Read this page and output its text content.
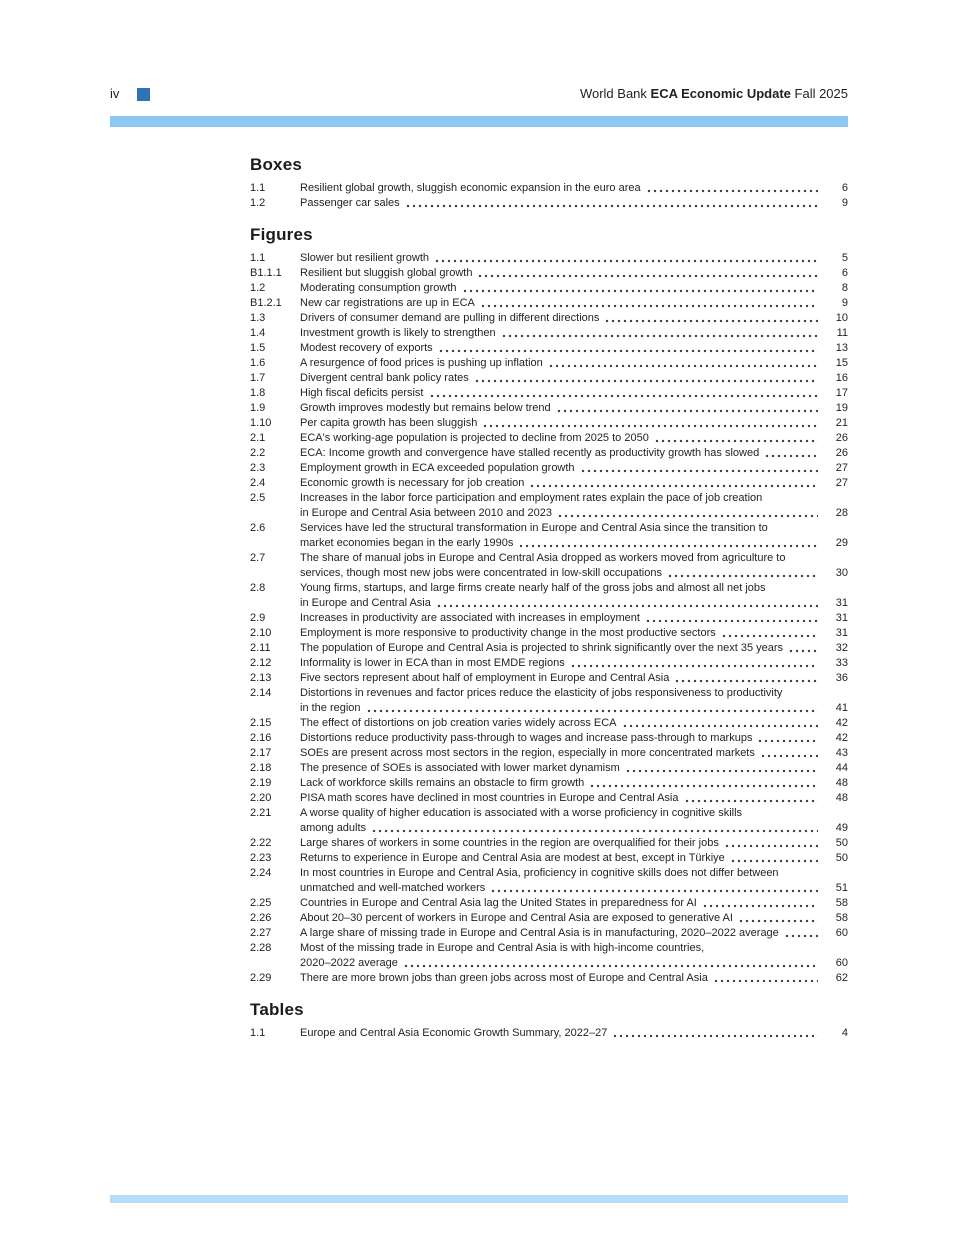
iv	World Bank ECA Economic Update Fall 2025
Boxes
1.1	Resilient global growth, sluggish economic expansion in the euro area	6
1.2	Passenger car sales	9
Figures
1.1	Slower but resilient growth	5
B1.1.1	Resilient but sluggish global growth	6
1.2	Moderating consumption growth	8
B1.2.1	New car registrations are up in ECA	9
1.3	Drivers of consumer demand are pulling in different directions	10
1.4	Investment growth is likely to strengthen	11
1.5	Modest recovery of exports	13
1.6	A resurgence of food prices is pushing up inflation	15
1.7	Divergent central bank policy rates	16
1.8	High fiscal deficits persist	17
1.9	Growth improves modestly but remains below trend	19
1.10	Per capita growth has been sluggish	21
2.1	ECA's working-age population is projected to decline from 2025 to 2050	26
2.2	ECA: Income growth and convergence have stalled recently as productivity growth has slowed	26
2.3	Employment growth in ECA exceeded population growth	27
2.4	Economic growth is necessary for job creation	27
2.5	Increases in the labor force participation and employment rates explain the pace of job creation
in Europe and Central Asia between 2010 and 2023	28
2.6	Services have led the structural transformation in Europe and Central Asia since the transition to
market economies began in the early 1990s	29
2.7	The share of manual jobs in Europe and Central Asia dropped as workers moved from agriculture to
services, though most new jobs were concentrated in low-skill occupations	30
2.8	Young firms, startups, and large firms create nearly half of the gross jobs and almost all net jobs
in Europe and Central Asia	31
2.9	Increases in productivity are associated with increases in employment	31
2.10	Employment is more responsive to productivity change in the most productive sectors	31
2.11	The population of Europe and Central Asia is projected to shrink significantly over the next 35 years	32
2.12	Informality is lower in ECA than in most EMDE regions	33
2.13	Five sectors represent about half of employment in Europe and Central Asia	36
2.14	Distortions in revenues and factor prices reduce the elasticity of jobs responsiveness to productivity
in the region	41
2.15	The effect of distortions on job creation varies widely across ECA	42
2.16	Distortions reduce productivity pass-through to wages and increase pass-through to markups	42
2.17	SOEs are present across most sectors in the region, especially in more concentrated markets	43
2.18	The presence of SOEs is associated with lower market dynamism	44
2.19	Lack of workforce skills remains an obstacle to firm growth	48
2.20	PISA math scores have declined in most countries in Europe and Central Asia	48
2.21	A worse quality of higher education is associated with a worse proficiency in cognitive skills
among adults	49
2.22	Large shares of workers in some countries in the region are overqualified for their jobs	50
2.23	Returns to experience in Europe and Central Asia are modest at best, except in Türkiye	50
2.24	In most countries in Europe and Central Asia, proficiency in cognitive skills does not differ between
unmatched and well-matched workers	51
2.25	Countries in Europe and Central Asia lag the United States in preparedness for AI	58
2.26	About 20–30 percent of workers in Europe and Central Asia are exposed to generative AI	58
2.27	A large share of missing trade in Europe and Central Asia is in manufacturing, 2020–2022 average	60
2.28	Most of the missing trade in Europe and Central Asia is with high-income countries,
2020–2022 average	60
2.29	There are more brown jobs than green jobs across most of Europe and Central Asia	62
Tables
1.1	Europe and Central Asia Economic Growth Summary, 2022–27	4
